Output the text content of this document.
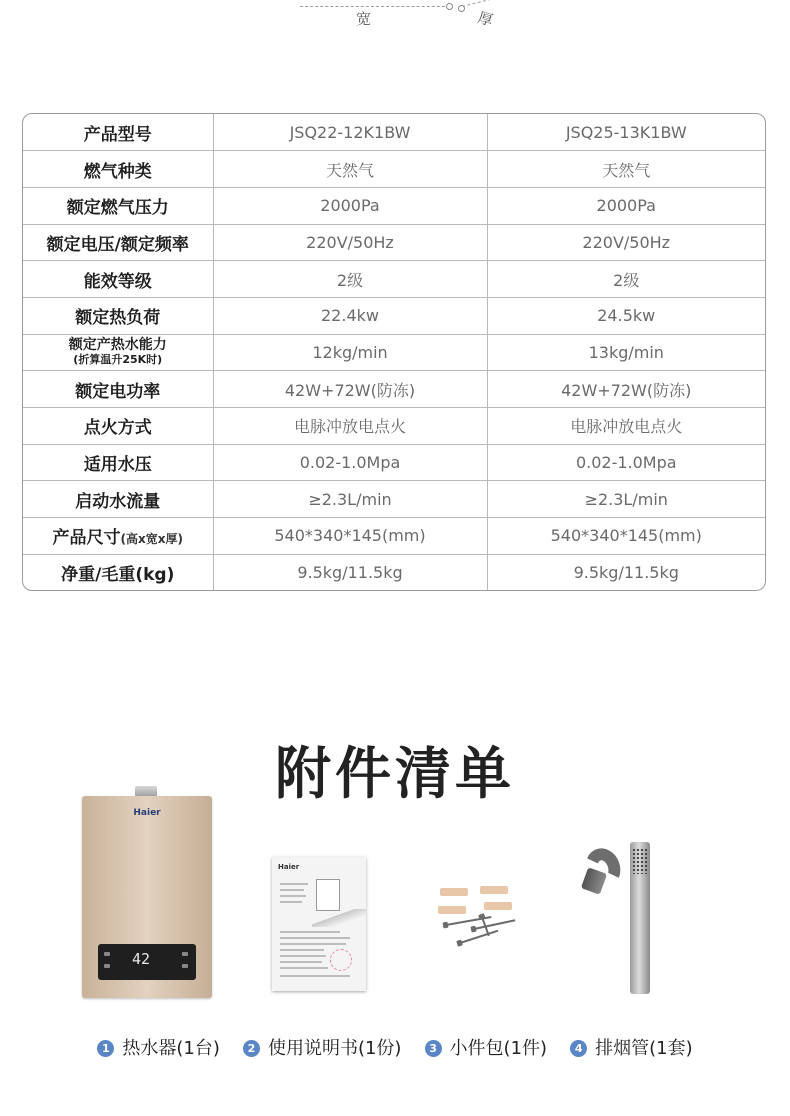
宽	厚
产品型号	JSQ22-12K1BW	JSQ25-13K1BW
燃气种类	天然气	天然气
额定燃气压力	2000Pa	2000Pa
额定电压/额定频率	220V/50Hz	220V/50Hz
能效等级	2级	2级
额定热负荷	22.4kw	24.5kw

额定产热水能力
(折算温升25K时)	12kg/min	13kg/min
额定电功率	42W+72W(防冻)	42W+72W(防冻)
点火方式	电脉冲放电点火	电脉冲放电点火
适用水压	0.02-1.0Mpa	0.02-1.0Mpa
启动水流量	≥2.3L/min	≥2.3L/min
产品尺寸(高x宽x厚)	540*340*145(mm)	540*340*145(mm)
净重/毛重(kg)	9.5kg/11.5kg	9.5kg/11.5kg
附件清单
Haier
42
Haier
1 热水器(1台)	2 使用说明书(1份)	3 小件包(1件)	4 排烟管(1套)
